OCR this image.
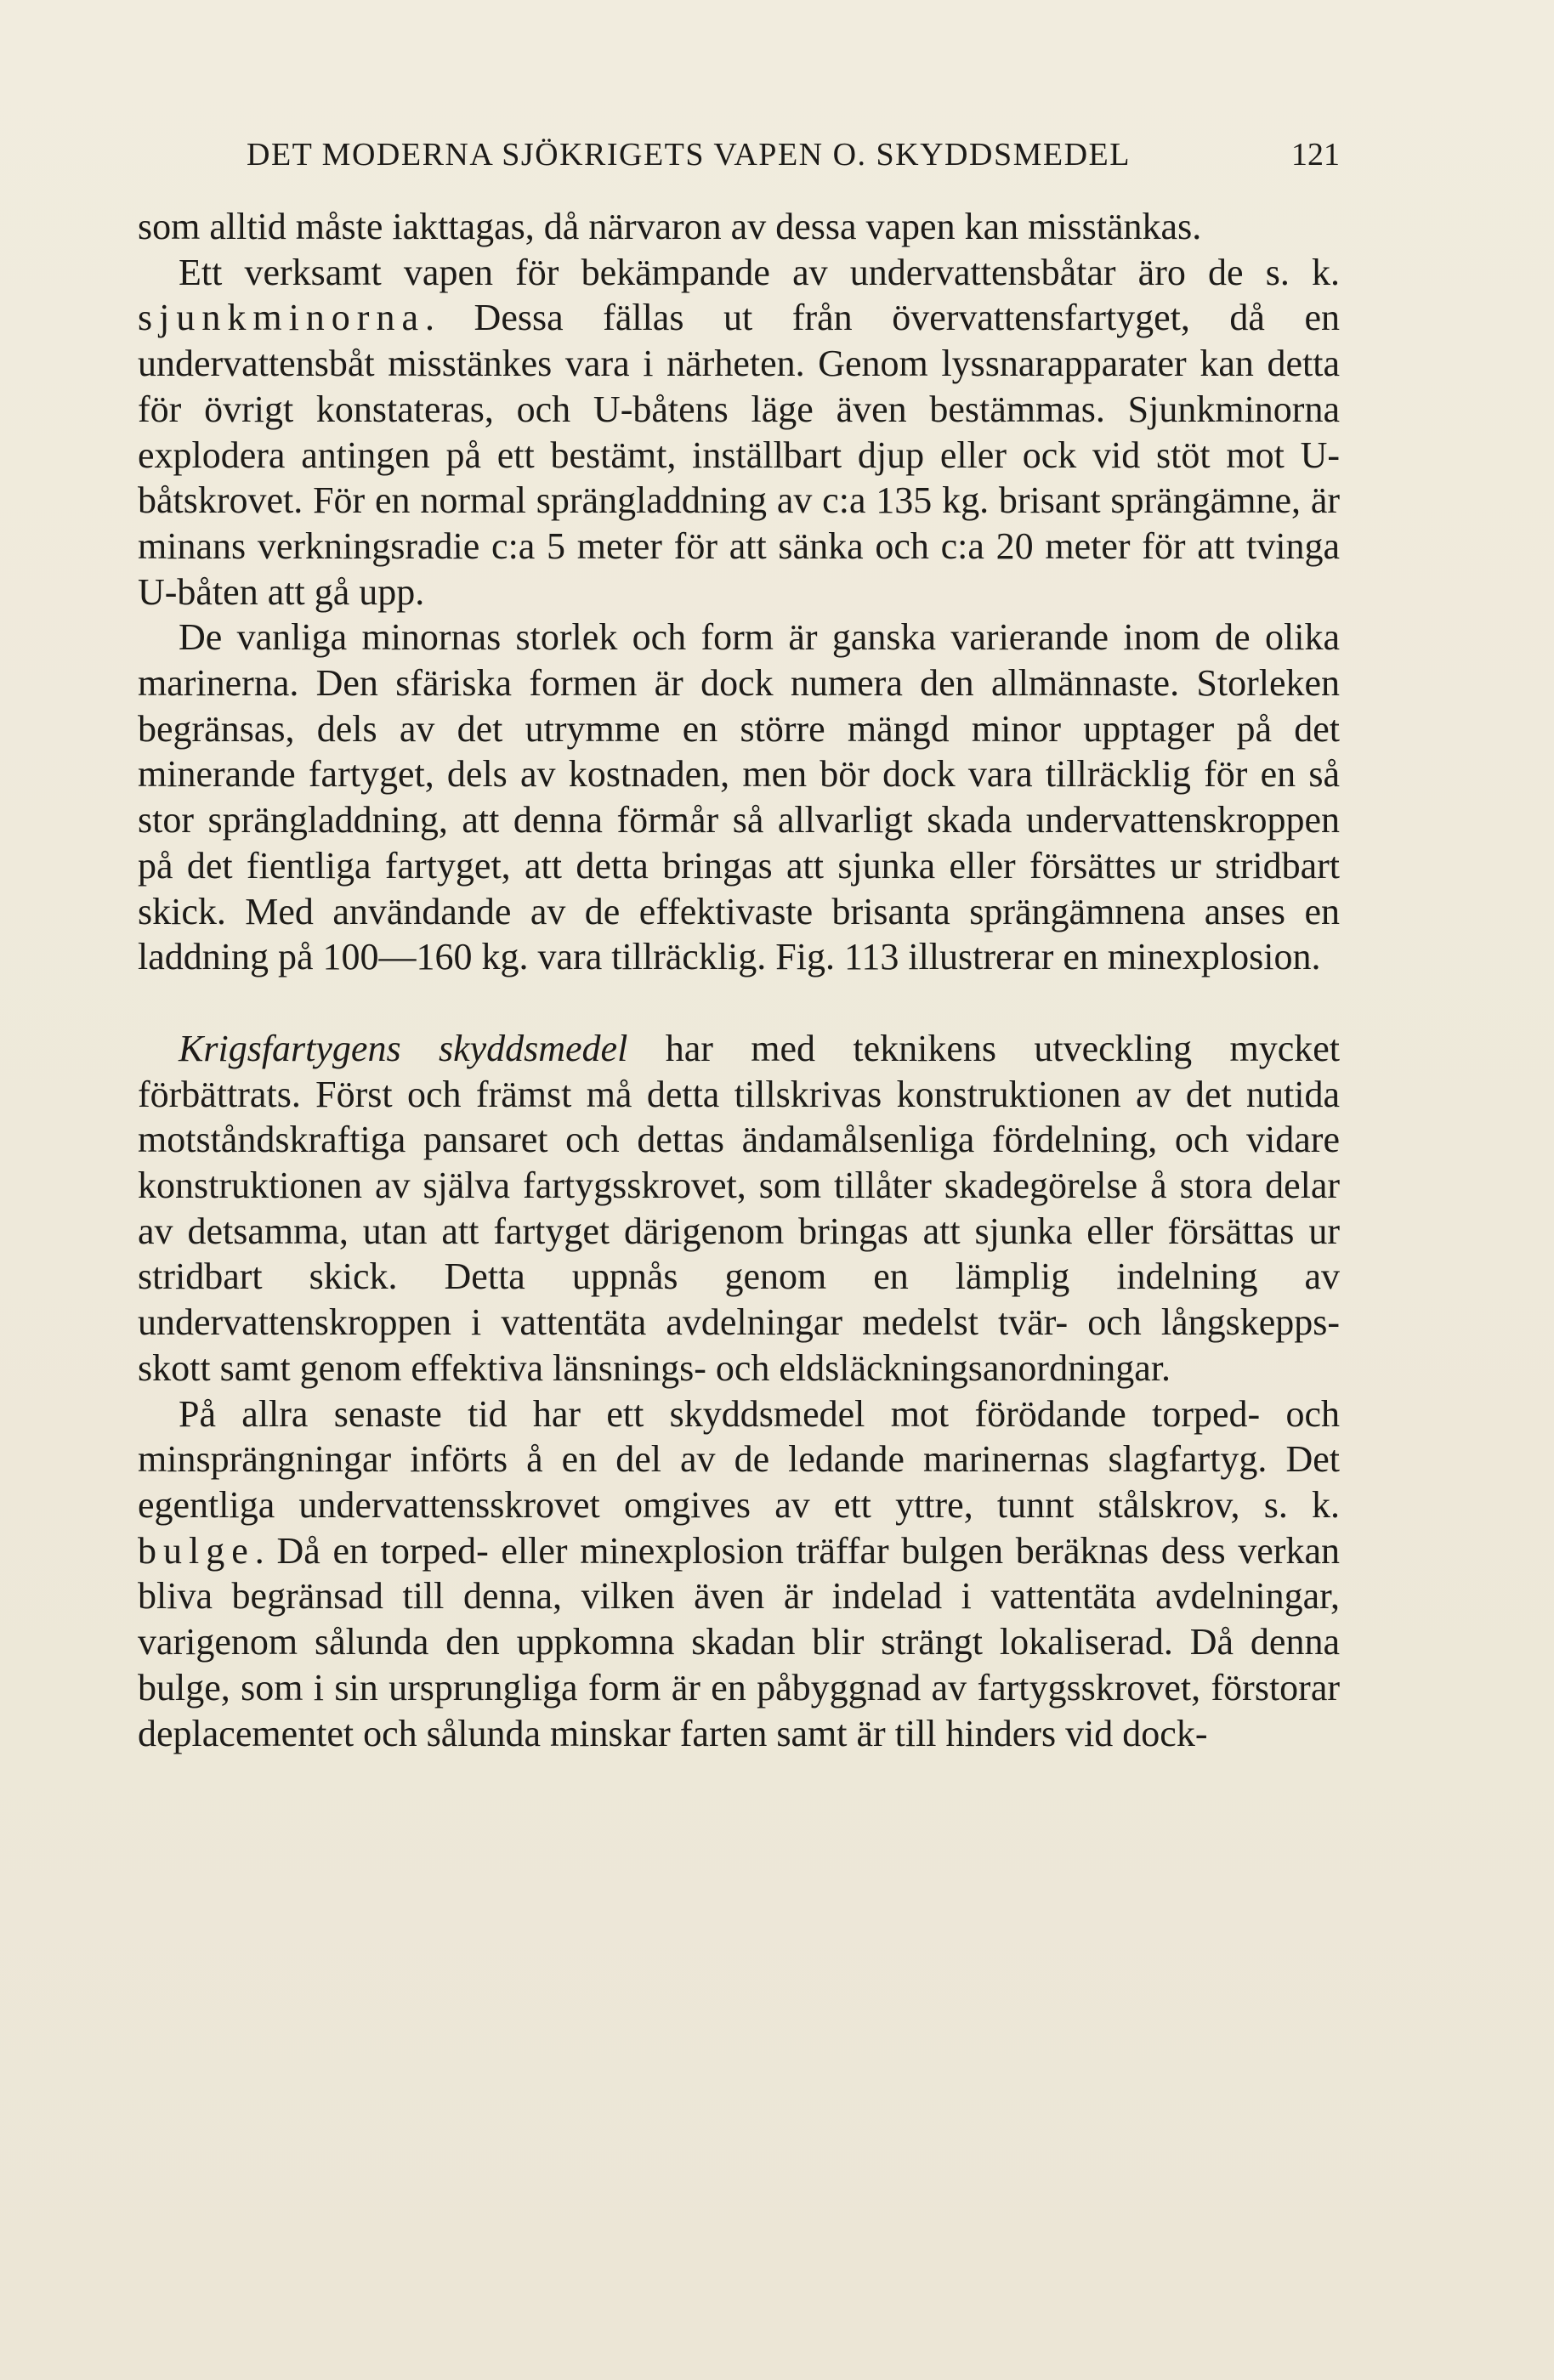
DET MODERNA SJÖKRIGETS VAPEN O. SKYDDSMEDEL	121

som alltid måste iakttagas, då närvaron av dessa vapen kan misstänkas.

Ett verksamt vapen för bekämpande av undervattensbåtar äro de s. k. sjunkminorna. Dessa fällas ut från övervattensfartyget, då en undervattensbåt misstänkes vara i närheten. Genom lyssnarapparater kan detta för övrigt konstateras, och U-båtens läge även bestämmas. Sjunkminorna explodera antingen på ett bestämt, inställbart djup eller ock vid stöt mot U-båtskrovet. För en normal sprängladdning av c:a 135 kg. brisant sprängämne, är minans verkningsradie c:a 5 meter för att sänka och c:a 20 meter för att tvinga U-båten att gå upp.

De vanliga minornas storlek och form är ganska varierande inom de olika marinerna. Den sfäriska formen är dock numera den allmännaste. Storleken begränsas, dels av det utrymme en större mängd minor upptager på det minerande fartyget, dels av kostnaden, men bör dock vara tillräcklig för en så stor sprängladdning, att denna förmår så allvarligt skada undervattenskroppen på det fientliga fartyget, att detta bringas att sjunka eller försättes ur stridbart skick. Med användande av de effektivaste brisanta sprängämnena anses en laddning på 100—160 kg. vara tillräcklig. Fig. 113 illustrerar en minexplosion.

Krigsfartygens skyddsmedel har med teknikens utveckling mycket förbättrats. Först och främst må detta tillskrivas konstruktionen av det nutida motståndskraftiga pansaret och dettas ändamålsenliga fördelning, och vidare konstruktionen av själva fartygsskrovet, som tillåter skadegörelse å stora delar av detsamma, utan att fartyget därigenom bringas att sjunka eller försättas ur stridbart skick. Detta uppnås genom en lämplig indelning av undervattenskroppen i vattentäta avdelningar medelst tvär- och långskepps-skott samt genom effektiva länsnings- och eldsläckningsanordningar.

På allra senaste tid har ett skyddsmedel mot förödande torped- och minsprängningar införts å en del av de ledande marinernas slagfartyg. Det egentliga undervattensskrovet omgives av ett yttre, tunnt stålskrov, s. k. bulge. Då en torped- eller minexplosion träffar bulgen beräknas dess verkan bliva begränsad till denna, vilken även är indelad i vattentäta avdelningar, varigenom sålunda den uppkomna skadan blir strängt lokaliserad. Då denna bulge, som i sin ursprungliga form är en påbyggnad av fartygsskrovet, förstorar deplacementet och sålunda minskar farten samt är till hinders vid dock-
